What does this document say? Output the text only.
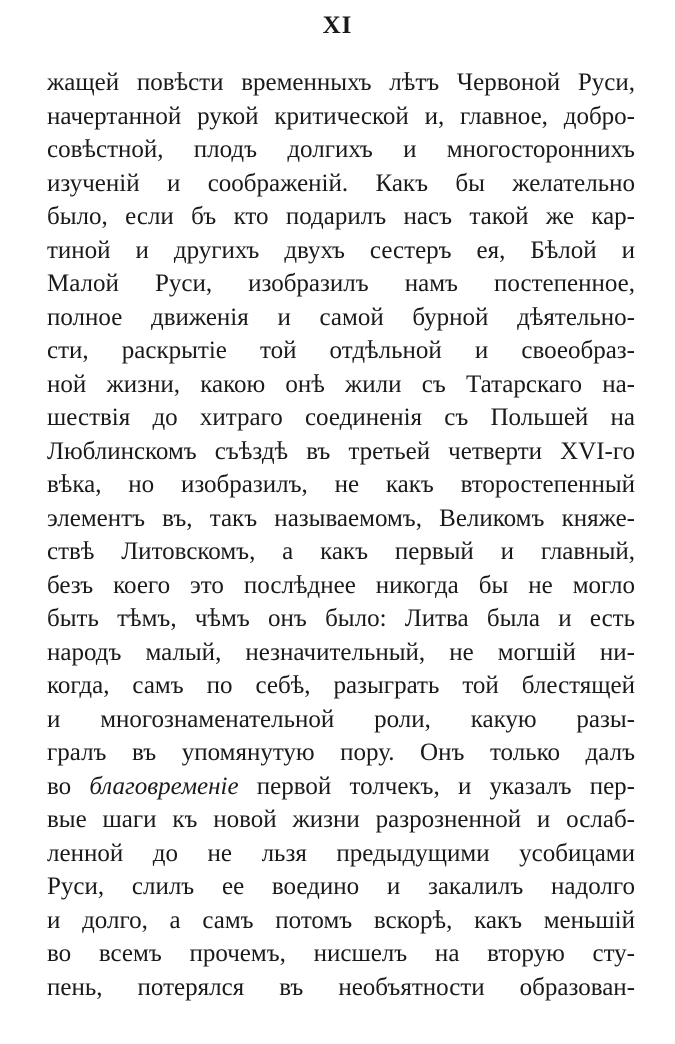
XI
жащей повѣсти временныхъ лѣтъ Червоной Руси,
начертанной рукой критической и, главное, добро-
совѣстной, плодъ долгихъ и многостороннихъ
изученій и соображеній. Какъ бы желательно
было, если бъ кто подарилъ насъ такой же кар-
тиной и другихъ двухъ сестеръ ея, Бѣлой и
Малой Руси, изобразилъ намъ постепенное,
полное движенія и самой бурной дѣятельно-
сти, раскрытіе той отдѣльной и своеобраз-
ной жизни, какою онѣ жили съ Татарскаго на-
шествія до хитраго соединенія съ Польшей на
Люблинскомъ съѣздѣ въ третьей четверти XVI-го
вѣка, но изобразилъ, не какъ второстепенный
элементъ въ, такъ называемомъ, Великомъ княже-
ствѣ Литовскомъ, а какъ первый и главный,
безъ коего это послѣднее никогда бы не могло
быть тѣмъ, чѣмъ онъ было: Литва была и есть
народъ малый, незначительный, не могшій ни-
когда, самъ по себѣ, разыграть той блестящей
и многознаменательной роли, какую разы-
гралъ въ упомянутую пору. Онъ только далъ
во благовременіе первой толчекъ, и указалъ пер-
вые шаги къ новой жизни разрозненной и ослаб-
ленной до не льзя предыдущими усобицами
Руси, слилъ ее воедино и закалилъ надолго
и долго, а самъ потомъ вскорѣ, какъ меньшій
во всемъ прочемъ, нисшелъ на вторую сту-
пень, потерялся въ необъятности образован-
